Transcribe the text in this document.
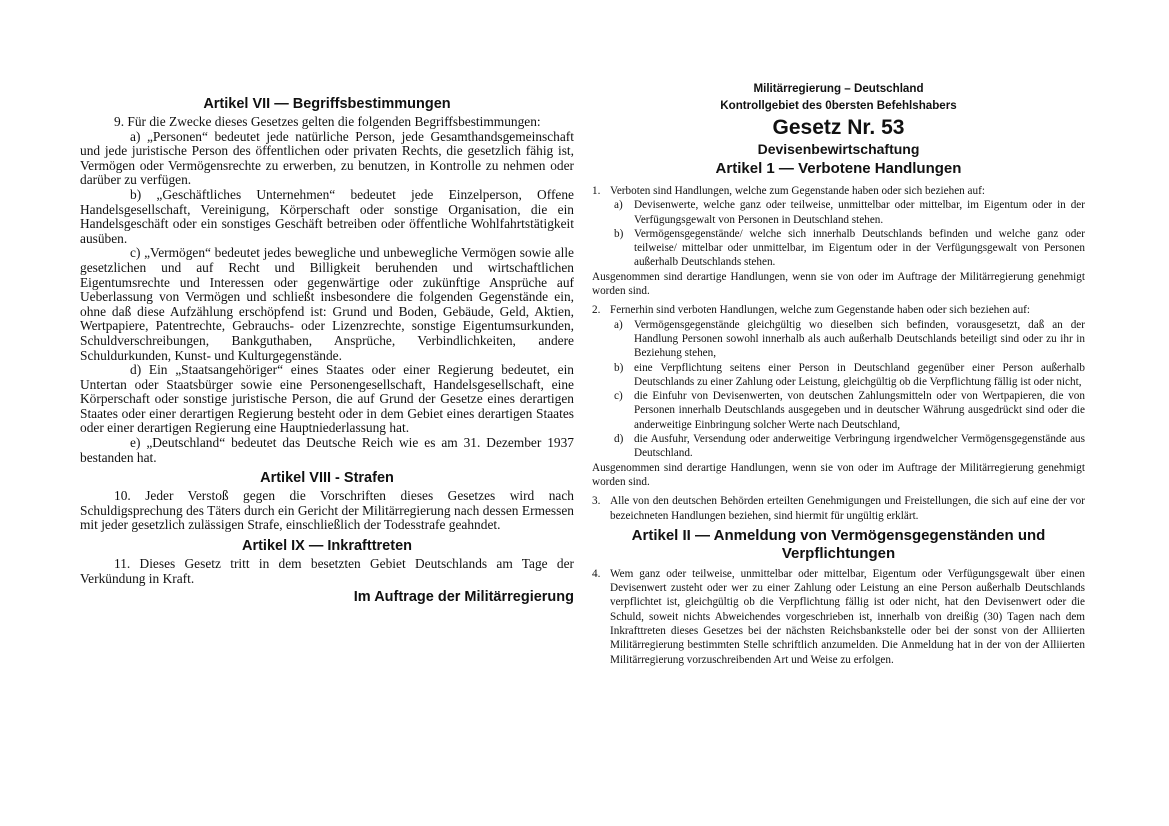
Artikel VII — Begriffsbestimmungen

9. Für die Zwecke dieses Gesetzes gelten die folgenden Begriffsbestimmungen:

a) „Personen“ bedeutet jede natürliche Person, jede Gesamthandsgemeinschaft und jede juristische Person des öffentlichen oder privaten Rechts, die gesetzlich fähig ist, Vermögen oder Vermögensrechte zu erwerben, zu benutzen, in Kontrolle zu nehmen oder darüber zu verfügen.

b) „Geschäftliches Unternehmen“ bedeutet jede Einzelperson, Offene Handelsgesellschaft, Vereinigung, Körperschaft oder sonstige Organisation, die ein Handelsgeschäft oder ein sonstiges Geschäft betreiben oder öffentliche Wohlfahrtstätigkeit ausüben.

c) „Vermögen“ bedeutet jedes bewegliche und unbewegliche Vermögen sowie alle gesetzlichen und auf Recht und Billigkeit beruhenden und wirtschaftlichen Eigentumsrechte und Interessen oder gegenwärtige oder zukünftige Ansprüche auf Ueberlassung von Vermögen und schließt insbesondere die folgenden Gegenstände ein, ohne daß diese Aufzählung erschöpfend ist: Grund und Boden, Gebäude, Geld, Aktien, Wertpapiere, Patentrechte, Gebrauchs- oder Lizenzrechte, sonstige Eigentumsurkunden, Schuldverschreibungen, Bankguthaben, Ansprüche, Verbindlichkeiten, andere Schuldurkunden, Kunst- und Kulturgegenstände.

d) Ein „Staatsangehöriger“ eines Staates oder einer Regierung bedeutet, ein Untertan oder Staatsbürger sowie eine Personengesellschaft, Handelsgesellschaft, eine Körperschaft oder sonstige juristische Person, die auf Grund der Gesetze eines derartigen Staates oder einer derartigen Regierung besteht oder in dem Gebiet eines derartigen Staates oder einer derartigen Regierung eine Hauptniederlassung hat.

e) „Deutschland“ bedeutet das Deutsche Reich wie es am 31. Dezember 1937 bestanden hat.

Artikel VIII - Strafen

10. Jeder Verstoß gegen die Vorschriften dieses Gesetzes wird nach Schuldigsprechung des Täters durch ein Gericht der Militärregierung nach dessen Ermessen mit jeder gesetzlich zulässigen Strafe, einschließlich der Todesstrafe geahndet.

Artikel IX — Inkrafttreten

11. Dieses Gesetz tritt in dem besetzten Gebiet Deutschlands am Tage der Verkündung in Kraft.

Im Auftrage der Militärregierung
Militärregierung – Deutschland
Kontrollgebiet des 0bersten Befehlshabers
Gesetz Nr. 53
Devisenbewirtschaftung
Artikel 1 — Verbotene Handlungen
1. Verboten sind Handlungen, welche zum Gegenstande haben oder sich beziehen auf:
a)	Devisenwerte, welche ganz oder teilweise, unmittelbar oder mittelbar, im Eigentum oder in der Verfügungsgewalt von Personen in Deutschland stehen.
b) Vermögensgegenstände/ welche sich innerhalb Deutschlands befinden und welche ganz oder teilweise/ mittelbar oder unmittelbar, im Eigentum oder in der Verfügungsgewalt von Personen außerhalb Deutschlands stehen.

Ausgenommen sind derartige Handlungen, wenn sie von oder im Auftrage der Militärregierung genehmigt worden sind.

2. Fernerhin sind verboten Handlungen, welche zum Gegenstande haben oder sich beziehen auf:
a)	Vermögensgegenstände gleichgültig wo dieselben sich befinden, vorausgesetzt, daß an der Handlung Personen sowohl innerhalb als auch außerhalb Deutschlands beteiligt sind oder zu ihr in Beziehung stehen,
b) eine Verpflichtung seitens einer Person in Deutschland gegenüber einer Person außerhalb Deutschlands zu einer Zahlung oder Leistung, gleichgültig ob die Verpflichtung fällig ist oder nicht,
c)	die Einfuhr von Devisenwerten, von deutschen Zahlungsmitteln oder von Wertpapieren, die von Personen innerhalb Deutschlands ausgegeben und in deutscher Währung ausgedrückt sind oder die anderweitige Einbringung solcher Werte nach Deutschland,
d) die Ausfuhr, Versendung oder anderweitige Verbringung irgendwelcher Vermögensgegenstände aus Deutschland.

Ausgenommen sind derartige Handlungen, wenn sie von oder im Auftrage der Militärregierung genehmigt worden sind.

3. Alle von den deutschen Behörden erteilten Genehmigungen und Freistellungen, die sich auf eine der vor bezeichneten Handlungen beziehen, sind hiermit für ungültig erklärt.
Artikel II — Anmeldung von Vermögensgegenständen und Verpflichtungen
4. Wem ganz oder teilweise, unmittelbar oder mittelbar, Eigentum oder Verfügungsgewalt über einen Devisenwert zusteht oder wer zu einer Zahlung oder Leistung an eine Person außerhalb Deutschlands verpflichtet ist, gleichgültig ob die Verpflichtung fällig ist oder nicht, hat den Devisenwert oder die Schuld, soweit nichts Abweichendes vorgeschrieben ist, innerhalb von dreißig (30) Tagen nach dem Inkrafttreten dieses Gesetzes bei der nächsten Reichsbankstelle oder bei der sonst von der Alliierten Militärregierung bestimmten Stelle schriftlich anzumelden. Die Anmeldung hat in der von der Alliierten Militärregierung vorzuschreibenden Art und Weise zu erfolgen.
